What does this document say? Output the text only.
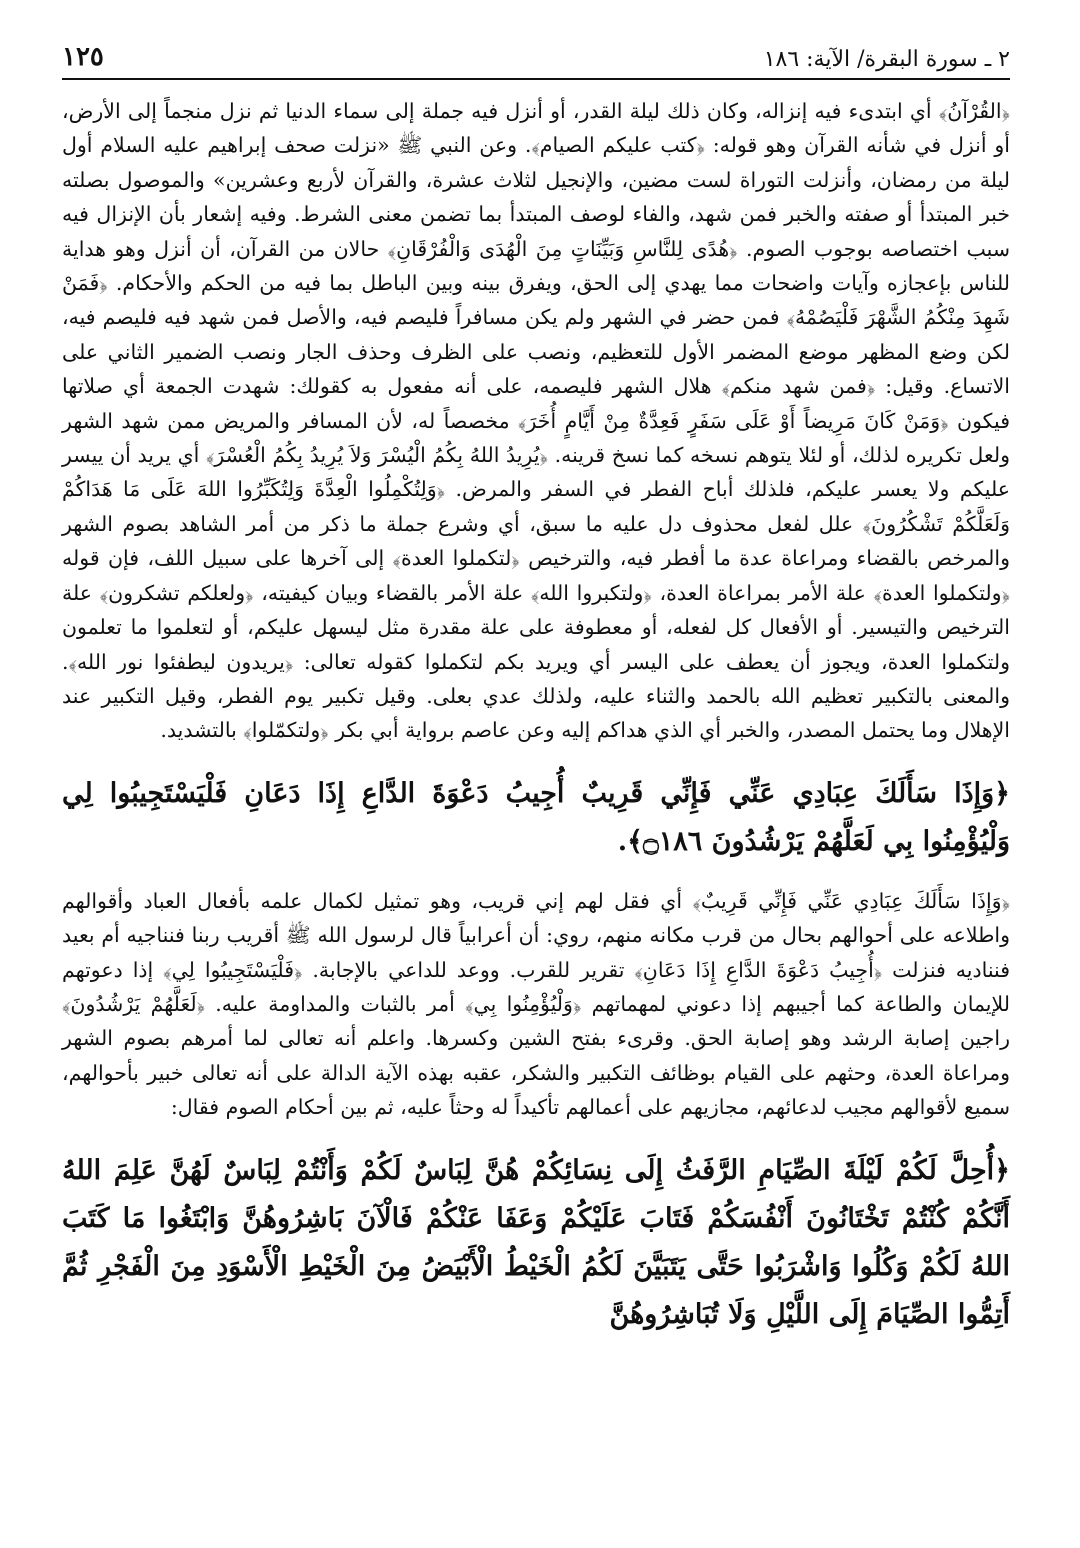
٢ ـ سورة البقرة/ الآية: ١٨٦
١٢٥

﴿القُرْآنُ﴾ أي ابتدىء فيه إنزاله، وكان ذلك ليلة القدر، أو أنزل فيه جملة إلى سماء الدنيا ثم نزل منجماً إلى الأرض، أو أنزل في شأنه القرآن وهو قوله: ﴿كتب عليكم الصيام﴾. وعن النبي ﷺ «نزلت صحف إبراهيم عليه السلام أول ليلة من رمضان، وأنزلت التوراة لست مضين، والإنجيل لثلاث عشرة، والقرآن لأربع وعشرين» والموصول بصلته خبر المبتدأ أو صفته والخبر فمن شهد، والفاء لوصف المبتدأ بما تضمن معنى الشرط. وفيه إشعار بأن الإنزال فيه سبب اختصاصه بوجوب الصوم. ﴿هُدًى لِلنَّاسِ وَبَيِّنَاتٍ مِنَ الْهُدَى وَالْفُرْقَانِ﴾ حالان من القرآن، أن أنزل وهو هداية للناس بإعجازه وآيات واضحات مما يهدي إلى الحق، ويفرق بينه وبين الباطل بما فيه من الحكم والأحكام. ﴿فَمَنْ شَهِدَ مِنْكُمُ الشَّهْرَ فَلْيَصُمْهُ﴾ فمن حضر في الشهر ولم يكن مسافراً فليصم فيه، والأصل فمن شهد فيه فليصم فيه، لكن وضع المظهر موضع المضمر الأول للتعظيم، ونصب على الظرف وحذف الجار ونصب الضمير الثاني على الاتساع. وقيل: ﴿فمن شهد منكم﴾ هلال الشهر فليصمه، على أنه مفعول به كقولك: شهدت الجمعة أي صلاتها فيكون ﴿وَمَنْ كَانَ مَرِيضاً أَوْ عَلَى سَفَرٍ فَعِدَّةٌ مِنْ أَيَّامٍ أُخَرَ﴾ مخصصاً له، لأن المسافر والمريض ممن شهد الشهر ولعل تكريره لذلك، أو لئلا يتوهم نسخه كما نسخ قرينه. ﴿يُرِيدُ اللهُ بِكُمُ الْيُسْرَ وَلاَ يُرِيدُ بِكُمُ الْعُسْرَ﴾ أي يريد أن ييسر عليكم ولا يعسر عليكم، فلذلك أباح الفطر في السفر والمرض. ﴿وَلِتُكْمِلُوا الْعِدَّةَ وَلِتُكَبِّرُوا اللهَ عَلَى مَا هَدَاكُمْ وَلَعَلَّكُمْ تَشْكُرُونَ﴾ علل لفعل محذوف دل عليه ما سبق، أي وشرع جملة ما ذكر من أمر الشاهد بصوم الشهر والمرخص بالقضاء ومراعاة عدة ما أفطر فيه، والترخيص ﴿لتكملوا العدة﴾ إلى آخرها على سبيل اللف، فإن قوله ﴿ولتكملوا العدة﴾ علة الأمر بمراعاة العدة، ﴿ولتكبروا الله﴾ علة الأمر بالقضاء وبيان كيفيته، ﴿ولعلكم تشكرون﴾ علة الترخيص والتيسير. أو الأفعال كل لفعله، أو معطوفة على علة مقدرة مثل ليسهل عليكم، أو لتعلموا ما تعلمون ولتكملوا العدة، ويجوز أن يعطف على اليسر أي ويريد بكم لتكملوا كقوله تعالى: ﴿يريدون ليطفئوا نور الله﴾. والمعنى بالتكبير تعظيم الله بالحمد والثناء عليه، ولذلك عدي بعلى. وقيل تكبير يوم الفطر، وقيل التكبير عند الإهلال وما يحتمل المصدر، والخبر أي الذي هداكم إليه وعن عاصم برواية أبي بكر ﴿ولتكمّلوا﴾ بالتشديد.

﴿وَإِذَا سَأَلَكَ عِبَادِي عَنِّي فَإِنِّي قَرِيبٌ أُجِيبُ دَعْوَةَ الدَّاعِ إِذَا دَعَانِ فَلْيَسْتَجِيبُوا لِي وَلْيُؤْمِنُوا بِي لَعَلَّهُمْ يَرْشُدُونَ ۝١٨٦﴾.

﴿وَإِذَا سَأَلَكَ عِبَادِي عَنِّي فَإِنِّي قَرِيبٌ﴾ أي فقل لهم إني قريب، وهو تمثيل لكمال علمه بأفعال العباد وأقوالهم واطلاعه على أحوالهم بحال من قرب مكانه منهم، روي: أن أعرابياً قال لرسول الله ﷺ أقريب ربنا فنناجيه أم بعيد فنناديه فنزلت ﴿أُجِيبُ دَعْوَةَ الدَّاعِ إِذَا دَعَانِ﴾ تقرير للقرب. ووعد للداعي بالإجابة. ﴿فَلْيَسْتَجِيبُوا لِي﴾ إذا دعوتهم للإيمان والطاعة كما أجيبهم إذا دعوني لمهماتهم ﴿وَلْيُؤْمِنُوا بِي﴾ أمر بالثبات والمداومة عليه. ﴿لَعَلَّهُمْ يَرْشُدُونَ﴾ راجين إصابة الرشد وهو إصابة الحق. وقرىء بفتح الشين وكسرها. واعلم أنه تعالى لما أمرهم بصوم الشهر ومراعاة العدة، وحثهم على القيام بوظائف التكبير والشكر، عقبه بهذه الآية الدالة على أنه تعالى خبير بأحوالهم، سميع لأقوالهم مجيب لدعائهم، مجازيهم على أعمالهم تأكيداً له وحثاً عليه، ثم بين أحكام الصوم فقال:

﴿أُحِلَّ لَكُمْ لَيْلَةَ الصِّيَامِ الرَّفَثُ إِلَى نِسَائِكُمْ هُنَّ لِبَاسٌ لَكُمْ وَأَنْتُمْ لِبَاسٌ لَهُنَّ عَلِمَ اللهُ أَنَّكُمْ كُنْتُمْ تَخْتَانُونَ أَنْفُسَكُمْ فَتَابَ عَلَيْكُمْ وَعَفَا عَنْكُمْ فَالْآنَ بَاشِرُوهُنَّ وَابْتَغُوا مَا كَتَبَ اللهُ لَكُمْ وَكُلُوا وَاشْرَبُوا حَتَّى يَتَبَيَّنَ لَكُمُ الْخَيْطُ الْأَبْيَضُ مِنَ الْخَيْطِ الْأَسْوَدِ مِنَ الْفَجْرِ ثُمَّ أَتِمُّوا الصِّيَامَ إِلَى اللَّيْلِ وَلَا تُبَاشِرُوهُنَّ
